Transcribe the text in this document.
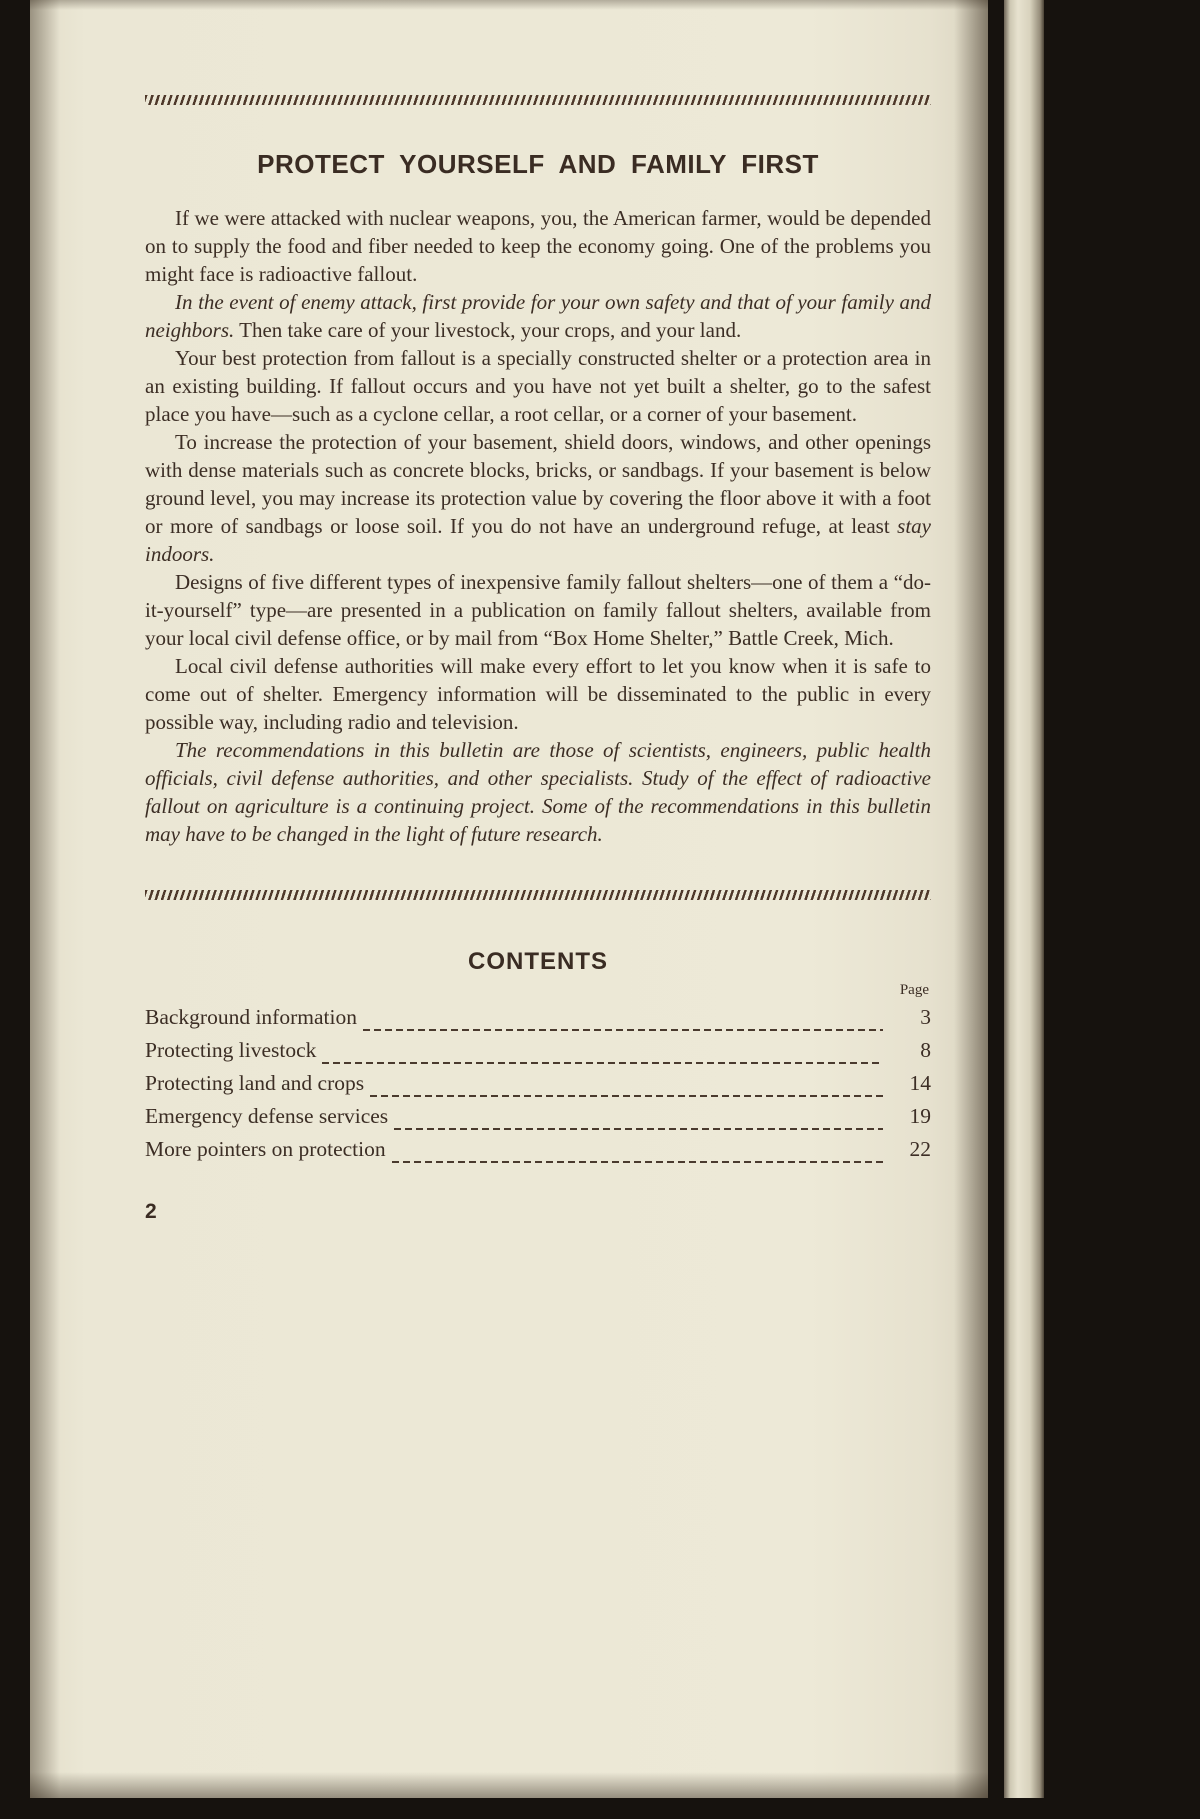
PROTECT YOURSELF AND FAMILY FIRST

If we were attacked with nuclear weapons, you, the American farmer, would be depended on to supply the food and fiber needed to keep the economy going. One of the problems you might face is radioactive fallout.

In the event of enemy attack, first provide for your own safety and that of your family and neighbors. Then take care of your livestock, your crops, and your land.

Your best protection from fallout is a specially constructed shelter or a protection area in an existing building. If fallout occurs and you have not yet built a shelter, go to the safest place you have—such as a cyclone cellar, a root cellar, or a corner of your basement.

To increase the protection of your basement, shield doors, windows, and other openings with dense materials such as concrete blocks, bricks, or sandbags. If your basement is below ground level, you may increase its protection value by covering the floor above it with a foot or more of sandbags or loose soil. If you do not have an underground refuge, at least stay indoors.

Designs of five different types of inexpensive family fallout shelters—one of them a “do-it-yourself” type—are presented in a publication on family fallout shelters, available from your local civil defense office, or by mail from “Box Home Shelter,” Battle Creek, Mich.

Local civil defense authorities will make every effort to let you know when it is safe to come out of shelter. Emergency information will be disseminated to the public in every possible way, including radio and television.

The recommendations in this bulletin are those of scientists, engineers, public health officials, civil defense authorities, and other specialists. Study of the effect of radioactive fallout on agriculture is a continuing project. Some of the recommendations in this bulletin may have to be changed in the light of future research.

CONTENTS
Page
Background information	3
Protecting livestock	8
Protecting land and crops	14
Emergency defense services	19
More pointers on protection	22
2
